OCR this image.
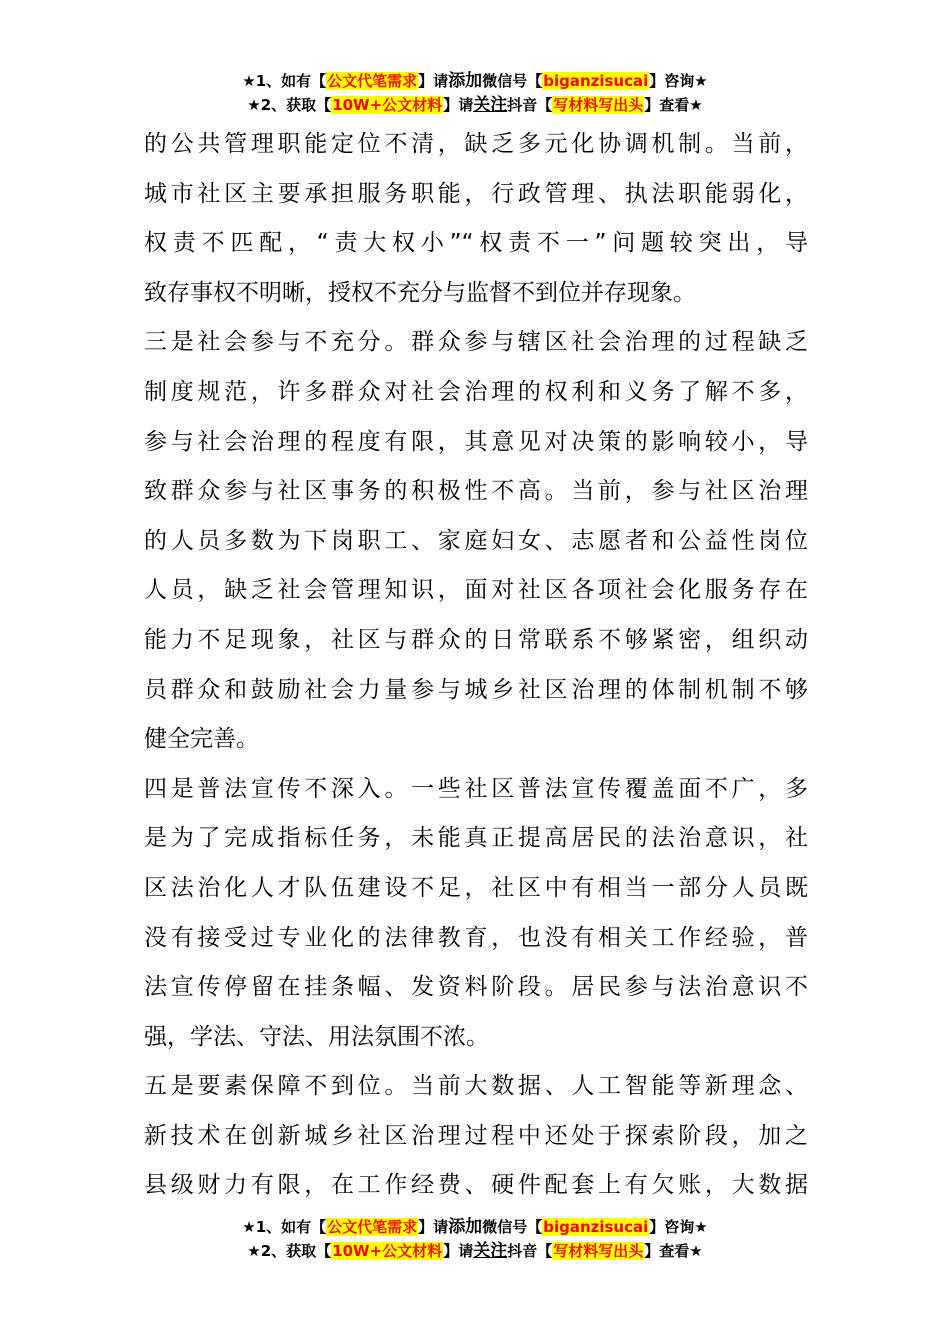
★1、如有【公文代笔需求】请添加微信号【biganzisucai】咨询★
★2、获取【10W+公文材料】请关注抖音【写材料写出头】查看★

的公共管理职能定位不清，缺乏多元化协调机制。当前，
城市社区主要承担服务职能，行政管理、执法职能弱化，
权责不匹配，“责大权小”“权责不一”问题较突出，导
致存事权不明晰，授权不充分与监督不到位并存现象。

三是社会参与不充分。群众参与辖区社会治理的过程缺乏
制度规范，许多群众对社会治理的权利和义务了解不多，
参与社会治理的程度有限，其意见对决策的影响较小，导
致群众参与社区事务的积极性不高。当前，参与社区治理
的人员多数为下岗职工、家庭妇女、志愿者和公益性岗位
人员，缺乏社会管理知识，面对社区各项社会化服务存在
能力不足现象，社区与群众的日常联系不够紧密，组织动
员群众和鼓励社会力量参与城乡社区治理的体制机制不够
健全完善。

四是普法宣传不深入。一些社区普法宣传覆盖面不广，多
是为了完成指标任务，未能真正提高居民的法治意识，社
区法治化人才队伍建设不足，社区中有相当一部分人员既
没有接受过专业化的法律教育，也没有相关工作经验，普
法宣传停留在挂条幅、发资料阶段。居民参与法治意识不
强，学法、守法、用法氛围不浓。

五是要素保障不到位。当前大数据、人工智能等新理念、
新技术在创新城乡社区治理过程中还处于探索阶段，加之
县级财力有限，在工作经费、硬件配套上有欠账，大数据

★1、如有【公文代笔需求】请添加微信号【biganzisucai】咨询★
★2、获取【10W+公文材料】请关注抖音【写材料写出头】查看★
